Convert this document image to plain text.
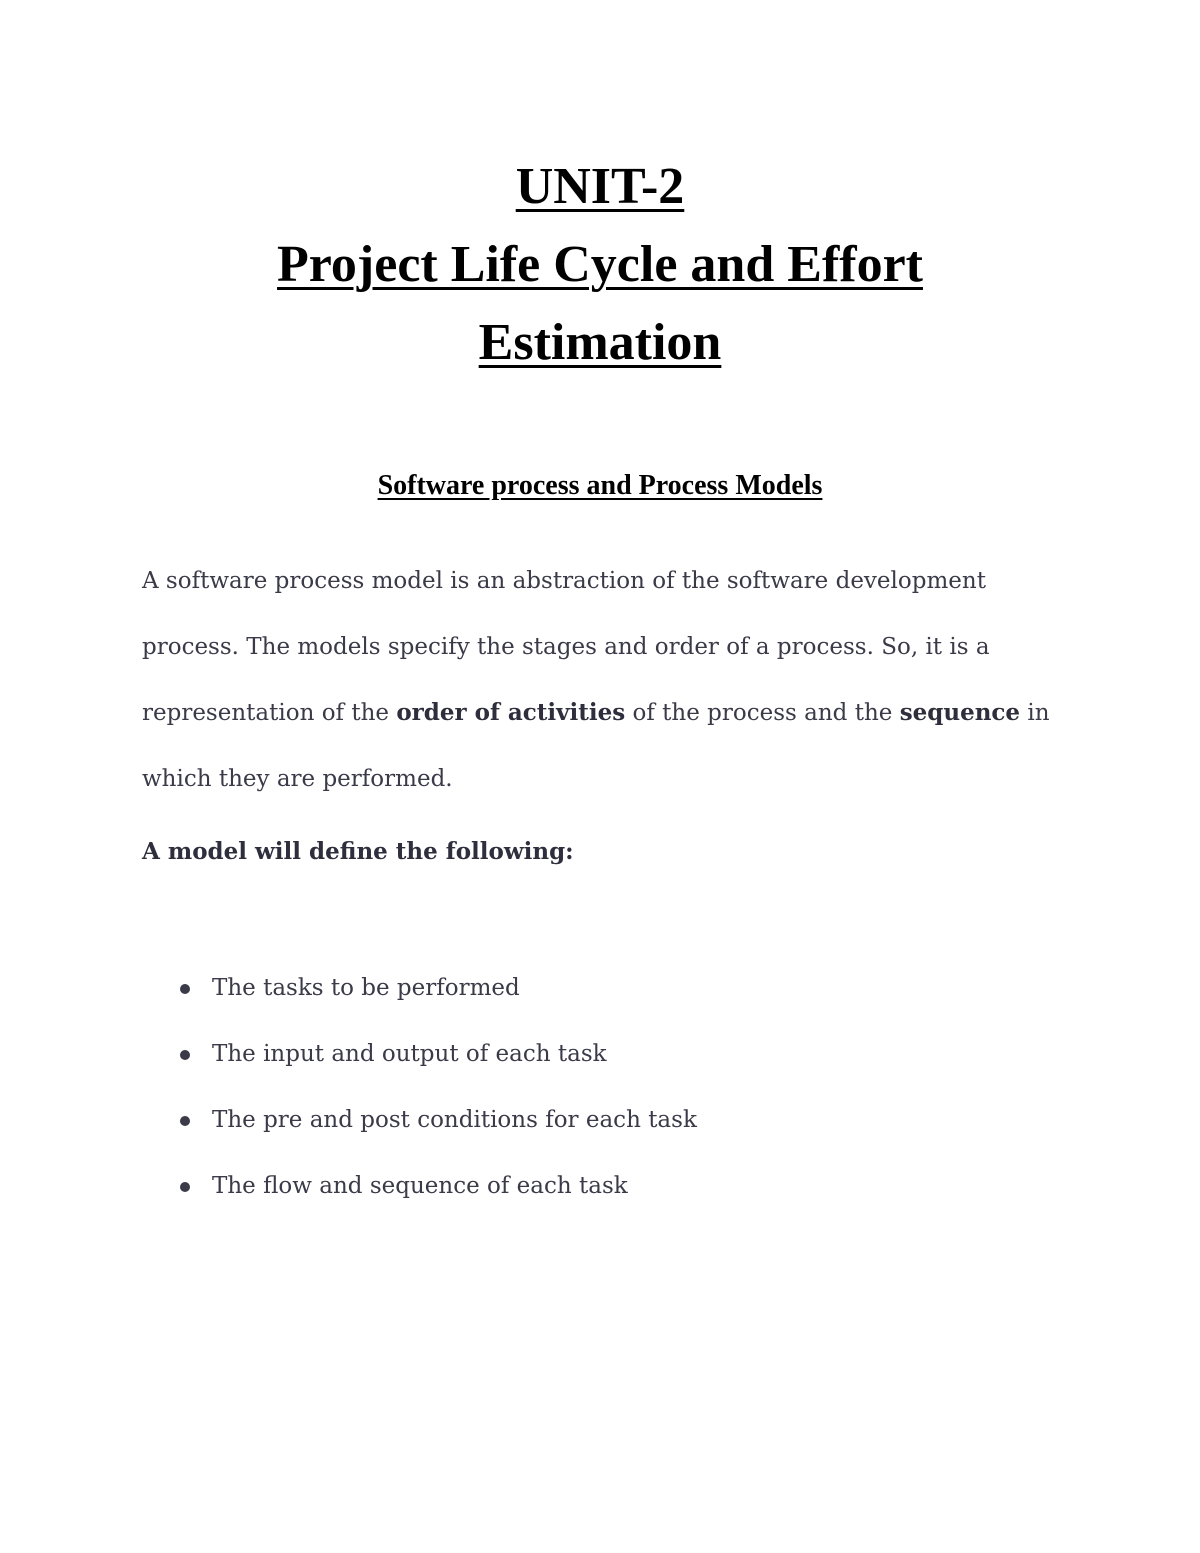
UNIT-2
Project Life Cycle and Effort
Estimation
Software process and Process Models
A software process model is an abstraction of the software development
process. The models specify the stages and order of a process. So, it is a
representation of the order of activities of the process and the sequence in
which they are performed.
A model will define the following:
The tasks to be performed
The input and output of each task
The pre and post conditions for each task
The flow and sequence of each task
